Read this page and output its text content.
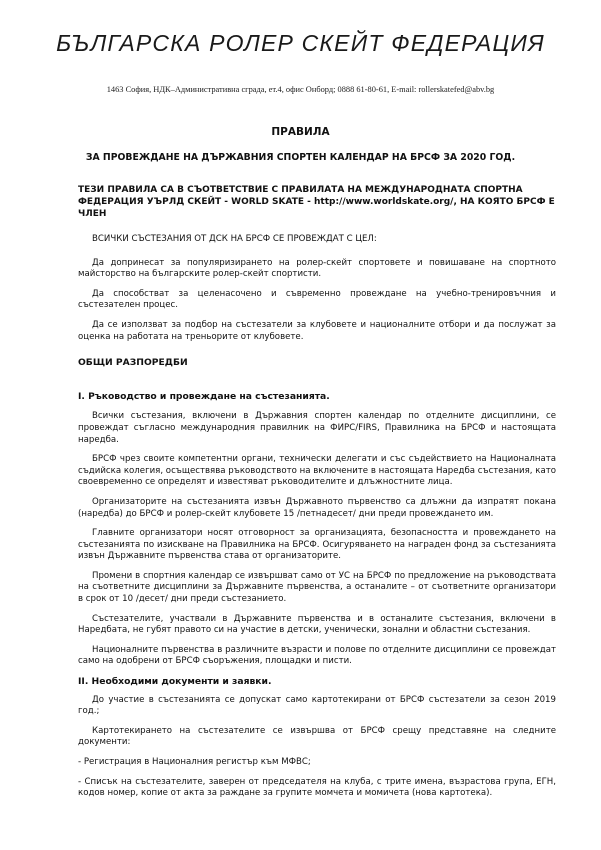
БЪЛГАРСКА РОЛЕР СКЕЙТ ФЕДЕРАЦИЯ
1463 София, НДК–Административна сграда, ет.4, офис Онборд; 0888 61-80-61, E-mail: rollerskatefed@abv.bg
ПРАВИЛА
ЗА ПРОВЕЖДАНЕ НА ДЪРЖАВНИЯ СПОРТЕН КАЛЕНДАР НА БРСФ ЗА 2020 ГОД.
ТЕЗИ ПРАВИЛА СА В СЪОТВЕТСТВИЕ С ПРАВИЛАТА НА МЕЖДУНАРОДНАТА СПОРТНА ФЕДЕРАЦИЯ УЪРЛД СКЕЙТ - WORLD SKATE - http://www.worldskate.org/, НА КОЯТО БРСФ Е ЧЛЕН
ВСИЧКИ СЪСТЕЗАНИЯ ОТ ДСК НА БРСФ СЕ ПРОВЕЖДАТ С ЦЕЛ:

Да допринесат за популяризирането на ролер-скейт спортовете и повишаване на спортното майсторство на българските ролер-скейт спортисти.

Да способстват за целенасочено и съвременно провеждане на учебно-тренировъчния и състезателен процес.

Да се използват за подбор на състезатели за клубовете и националните отбори и да послужат за оценка на работата на треньорите от клубовете.

ОБЩИ РАЗПОРЕДБИ
I. Ръководство и провеждане на състезанията.

Всички състезания, включени в Държавния спортен календар по отделните дисциплини, се провеждат съгласно международния правилник на ФИРС/FIRS, Правилника на БРСФ и настоящата наредба.

БРСФ чрез своите компетентни органи, технически делегати и със съдействието на Националната съдийска колегия, осъществява ръководството на включените в настоящата Наредба състезания, като своевременно се определят и известяват ръководителите и длъжностните лица.

Организаторите на състезанията извън Държавното първенство са длъжни да изпратят покана (наредба) до БРСФ и ролер-скейт клубовете 15 /петнадесет/ дни преди провеждането им.

Главните организатори носят отговорност за организацията, безопасността и провеждането на състезанията по изискване на Правилника на БРСФ. Осигуряването на награден фонд за състезанията извън Държавните първенства става от организаторите.

Промени в спортния календар се извършват само от УС на БРСФ по предложение на ръководствата на съответните дисциплини за Държавните първенства, а останалите – от съответните организатори в срок от 10 /десет/ дни преди състезанието.

Състезателите, участвали в Държавните първенства и в останалите състезания, включени в Наредбата, не губят правото си на участие в детски, ученически, зонални и областни състезания.

Националните първенства в различните възрасти и полове по отделните дисциплини се провеждат само на одобрени от БРСФ съоръжения, площадки и писти.

II. Необходими документи и заявки.

До участие в състезанията се допускат само картотекирани от БРСФ състезатели за сезон 2019 год.;

Картотекирането на състезателите се извършва от БРСФ срещу представяне на следните документи:

- Регистрация в Националния регистър към МФВС;

- Списък на състезателите, заверен от председателя на клуба, с трите имена, възрастова група, ЕГН, кодов номер, копие от акта за раждане за групите момчета и момичета (нова картотека).
